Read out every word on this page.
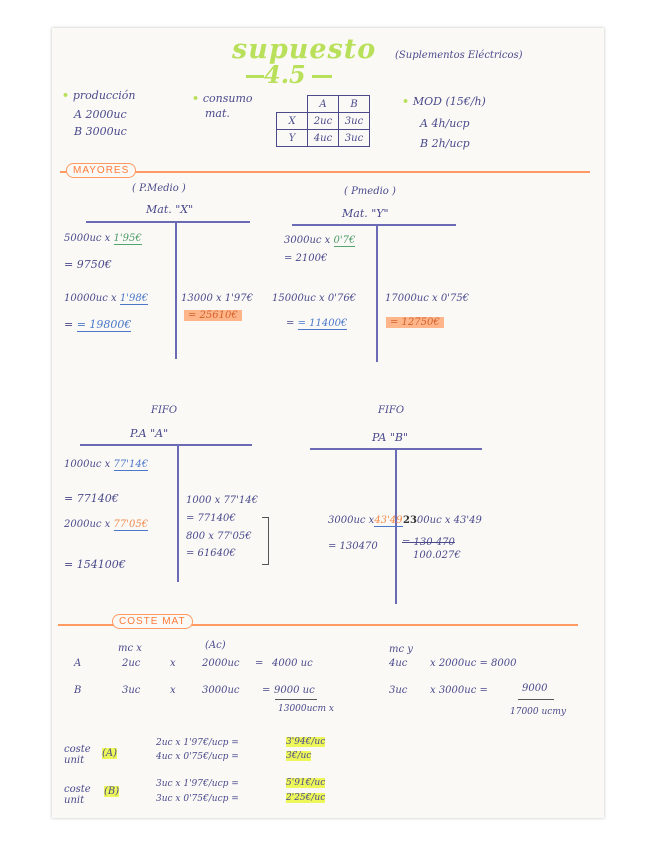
supuesto
4.5
(Suplementos Eléctricos)
• producción
A 2000uc
B 3000uc
• consumo
mat.
	A	B
X	2uc	3uc
Y	4uc	3uc
• MOD (15€/h)
A 4h/ucp
B 2h/ucp
MAYORES
( P.Medio )
Mat. "X"
5000uc x 1'95€
= 9750€
10000uc x 1'98€
= = 19800€
13000 x 1'97€
= 25610€
( Pmedio )
Mat. "Y"
3000uc x 0'7€
= 2100€
15000uc x 0'76€
= = 11400€
17000uc x 0'75€
= 12750€
FIFO
P.A "A"
1000uc x 77'14€
= 77140€
2000uc x 77'05€
= 154100€
1000 x 77'14€
= 77140€
800 x 77'05€
= 61640€
FIFO
PA "B"
3000uc x43'49
= 130470
2300uc x 43'49
= 130 470
100.027€
COSTE MAT
mc x	(Ac)	mc y
A	2uc	x	2000uc = 4000 uc	4uc x 2000uc = 8000
B	3uc	x	3000uc = 9000 uc	3uc x 3000uc =	9000
13000ucm x	17000 ucmy
coste unit
(A)
2uc x 1'97€/ucp =	3'94€/uc
4uc x 0'75€/ucp =	3€/uc
coste unit
(B)
3uc x 1'97€/ucp =	5'91€/uc
3uc x 0'75€/ucp =	2'25€/uc
